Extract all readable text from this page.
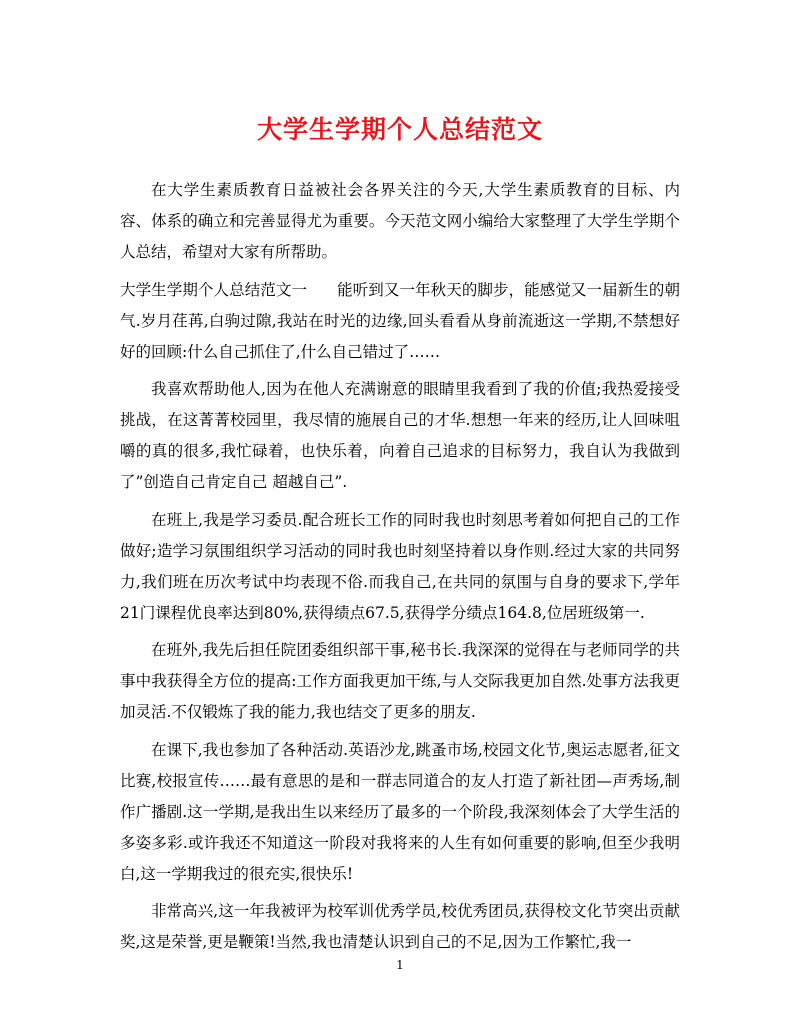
大学生学期个人总结范文

在大学生素质教育日益被社会各界关注的今天,大学生素质教育的目标、内容、体系的确立和完善显得尤为重要。今天范文网小编给大家整理了大学生学期个人总结，希望对大家有所帮助。

大学生学期个人总结范文一 能听到又一年秋天的脚步，能感觉又一届新生的朝气.岁月荏苒,白驹过隙,我站在时光的边缘,回头看看从身前流逝这一学期,不禁想好好的回顾:什么自己抓住了,什么自己错过了……

我喜欢帮助他人,因为在他人充满谢意的眼睛里我看到了我的价值;我热爱接受挑战，在这菁菁校园里，我尽情的施展自己的才华.想想一年来的经历,让人回味咀嚼的真的很多,我忙碌着，也快乐着，向着自己追求的目标努力，我自认为我做到了”创造自己肯定自己 超越自己”.

在班上,我是学习委员.配合班长工作的同时我也时刻思考着如何把自己的工作做好;造学习氛围组织学习活动的同时我也时刻坚持着以身作则.经过大家的共同努力,我们班在历次考试中均表现不俗.而我自己,在共同的氛围与自身的要求下,学年21门课程优良率达到80%,获得绩点67.5,获得学分绩点164.8,位居班级第一.

在班外,我先后担任院团委组织部干事,秘书长.我深深的觉得在与老师同学的共事中我获得全方位的提高:工作方面我更加干练,与人交际我更加自然.处事方法我更加灵活.不仅锻炼了我的能力,我也结交了更多的朋友.

在课下,我也参加了各种活动.英语沙龙,跳蚤市场,校园文化节,奥运志愿者,征文比赛,校报宣传……最有意思的是和一群志同道合的友人打造了新社团—声秀场,制作广播剧.这一学期,是我出生以来经历了最多的一个阶段,我深刻体会了大学生活的多姿多彩.或许我还不知道这一阶段对我将来的人生有如何重要的影响,但至少我明白,这一学期我过的很充实,很快乐!

非常高兴,这一年我被评为校军训优秀学员,校优秀团员,获得校文化节突出贡献奖,这是荣誉,更是鞭策!当然,我也清楚认识到自己的不足,因为工作繁忙,我一

1
